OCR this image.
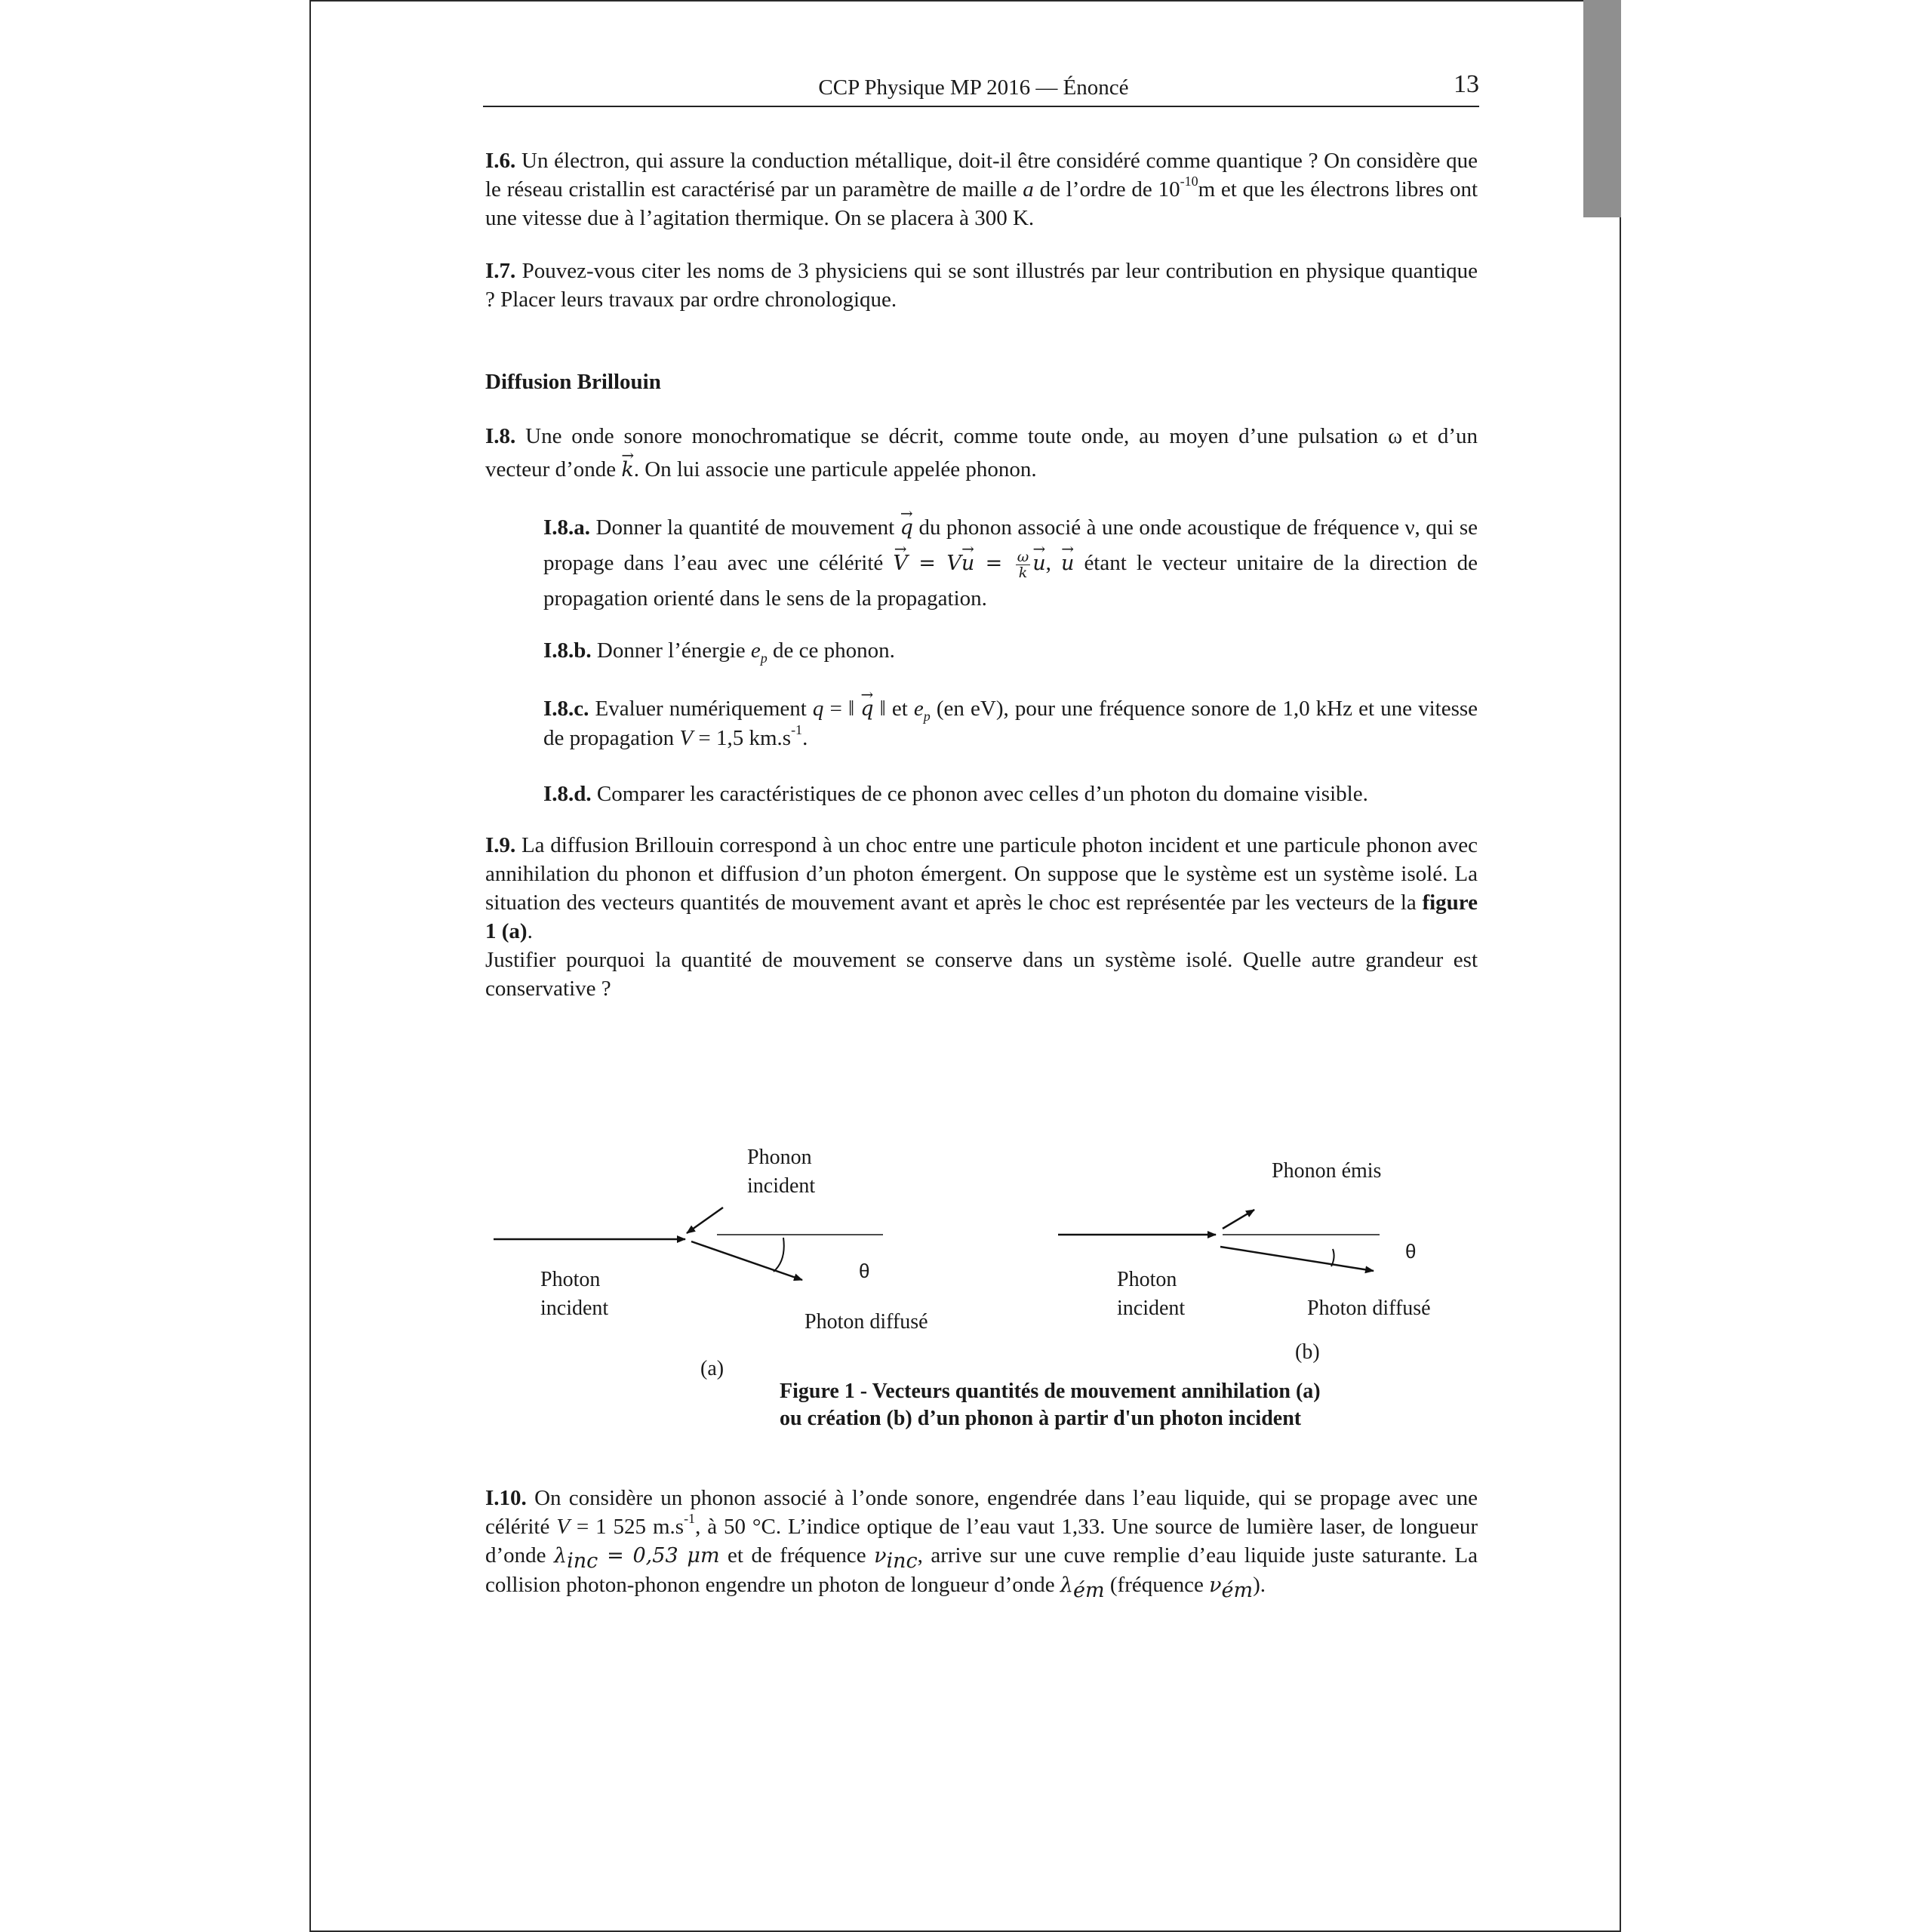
CCP Physique MP 2016 — Énoncé	13
I.6. Un électron, qui assure la conduction métallique, doit-il être considéré comme quantique ? On considère que le réseau cristallin est caractérisé par un paramètre de maille a de l’ordre de $10^{-10}m$ et que les électrons libres ont une vitesse due à l’agitation thermique. On se placera à 300 K.
I.7. Pouvez-vous citer les noms de 3 physiciens qui se sont illustrés par leur contribution en physique quantique ? Placer leurs travaux par ordre chronologique.
Diffusion Brillouin
I.8. Une onde sonore monochromatique se décrit, comme toute onde, au moyen d’une pulsation ω et d’un vecteur d’onde → k. On lui associe une particule appelée phonon.
I.8.a. Donner la quantité de mouvement → q du phonon associé à une onde acoustique de fréquence ν, qui se propage dans l’eau avec une célérité → $V = V\to u = \frac{\omega}{k}$
→ u, → u étant le vecteur unitaire de la direction de propagation orienté dans le sens de la propagation.
I.8.b. Donner l’énergie $e_p$ de ce phonon.
I.8.c. Evaluer numériquement q = ‖ → q ‖ et $e_p$ (en eV), pour une fréquence sonore de 1,0 kHz et une vitesse de propagation V = 1,5 $km.s^{-1}$.
I.8.d. Comparer les caractéristiques de ce phonon avec celles d’un photon du domaine visible.
I.9. La diffusion Brillouin correspond à un choc entre une particule photon incident et une particule phonon avec annihilation du phonon et diffusion d’un photon émergent. On suppose que le système est un système isolé. La situation des vecteurs quantités de mouvement avant et après le choc est représentée par les vecteurs de la figure 1 (a).
Justifier pourquoi la quantité de mouvement se conserve dans un système isolé. Quelle autre grandeur est conservative ?
Phonon
incident
Photon
incident
θ
Photon diffusé
(a)
Phonon émis
θ
Photon
incident	Photon diffusé
(b)
Figure 1 - Vecteurs quantités de mouvement annihilation (a)
ou création (b) d’un phonon à partir d'un photon incident
I.10. On considère un phonon associé à l’onde sonore, engendrée dans l’eau liquide, qui se propage avec une célérité V = 1 525 $m.s^{-1}$, à 50 °C. L’indice optique de l’eau vaut 1,33. Une source de lumière laser, de longueur d’onde $\lambda_{inc} = 0,53$ μm et de fréquence $\nu_{inc}$, arrive sur une cuve remplie d’eau liquide juste saturante. La collision photon-phonon engendre un photon de longueur d’onde $\lambda_{ém}$ (fréquence $\nu_{ém}$).
